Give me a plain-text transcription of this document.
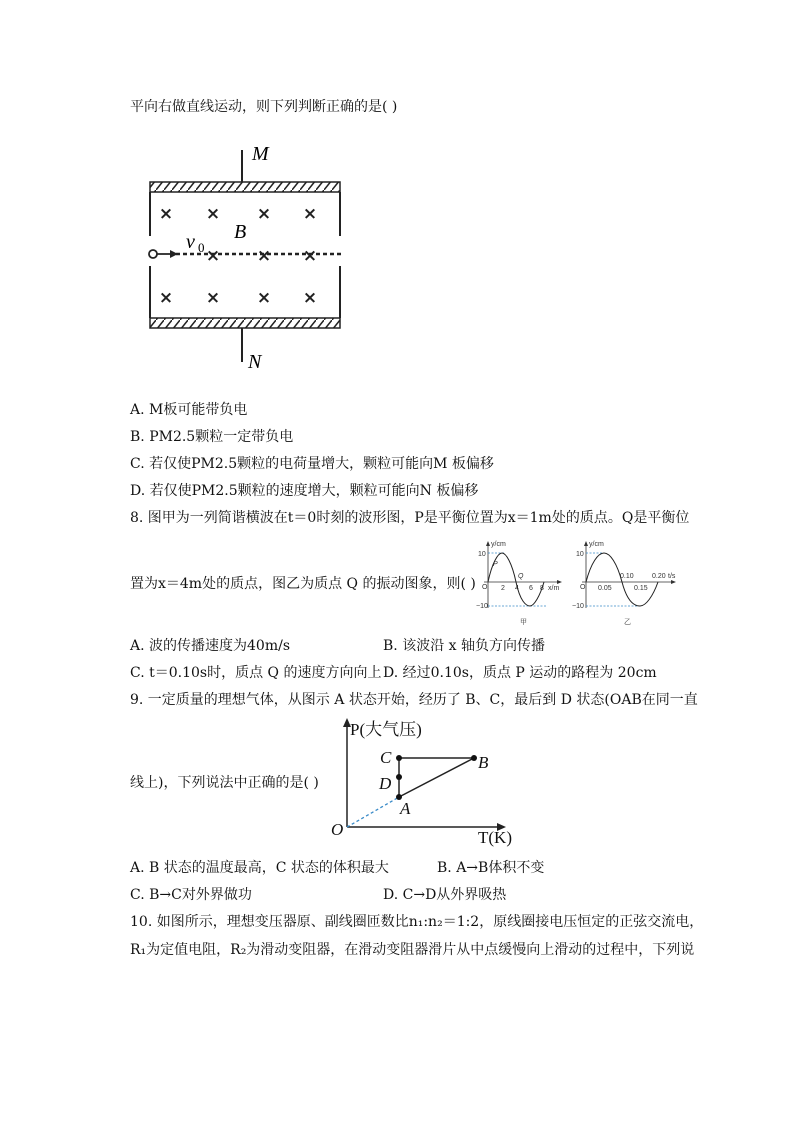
平向右做直线运动，则下列判断正确的是( )
M
N
v 0
B
× × × ×
× × ×
× × × ×
A. M板可能带负电
B. PM2.5颗粒一定带负电
C. 若仅使PM2.5颗粒的电荷量增大，颗粒可能向M 板偏移
D. 若仅使PM2.5颗粒的速度增大，颗粒可能向N 板偏移
8. 图甲为一列简谐横波在t＝0时刻的波形图，P是平衡位置为x＝1m处的质点。Q是平衡位
置为x＝4m处的质点，图乙为质点 Q 的振动图象，则( )
y/cm
x/m
10
−10
O 2 4 6 8
P
Q
甲
y/cm
t/s
10
−10
O 0.05
0.10
0.15
0.20
乙
A. 波的传播速度为40m/s	B. 该波沿 x 轴负方向传播
C. t＝0.10s时，质点 Q 的速度方向向上 D. 经过0.10s，质点 P 运动的路程为 20cm
9. 一定质量的理想气体，从图示 A 状态开始，经历了 B、C，最后到 D 状态(OAB在同一直
线上)，下列说法中正确的是( )
P(大气压)
T(K)
O
A
B
C
D
A. B 状态的温度最高，C 状态的体积最大	B. A→B体积不变
C. B→C对外界做功	D. C→D从外界吸热
10. 如图所示，理想变压器原、副线圈匝数比n₁:n₂＝1:2，原线圈接电压恒定的正弦交流电，
R₁为定值电阻，R₂为滑动变阻器，在滑动变阻器滑片从中点缓慢向上滑动的过程中，下列说
